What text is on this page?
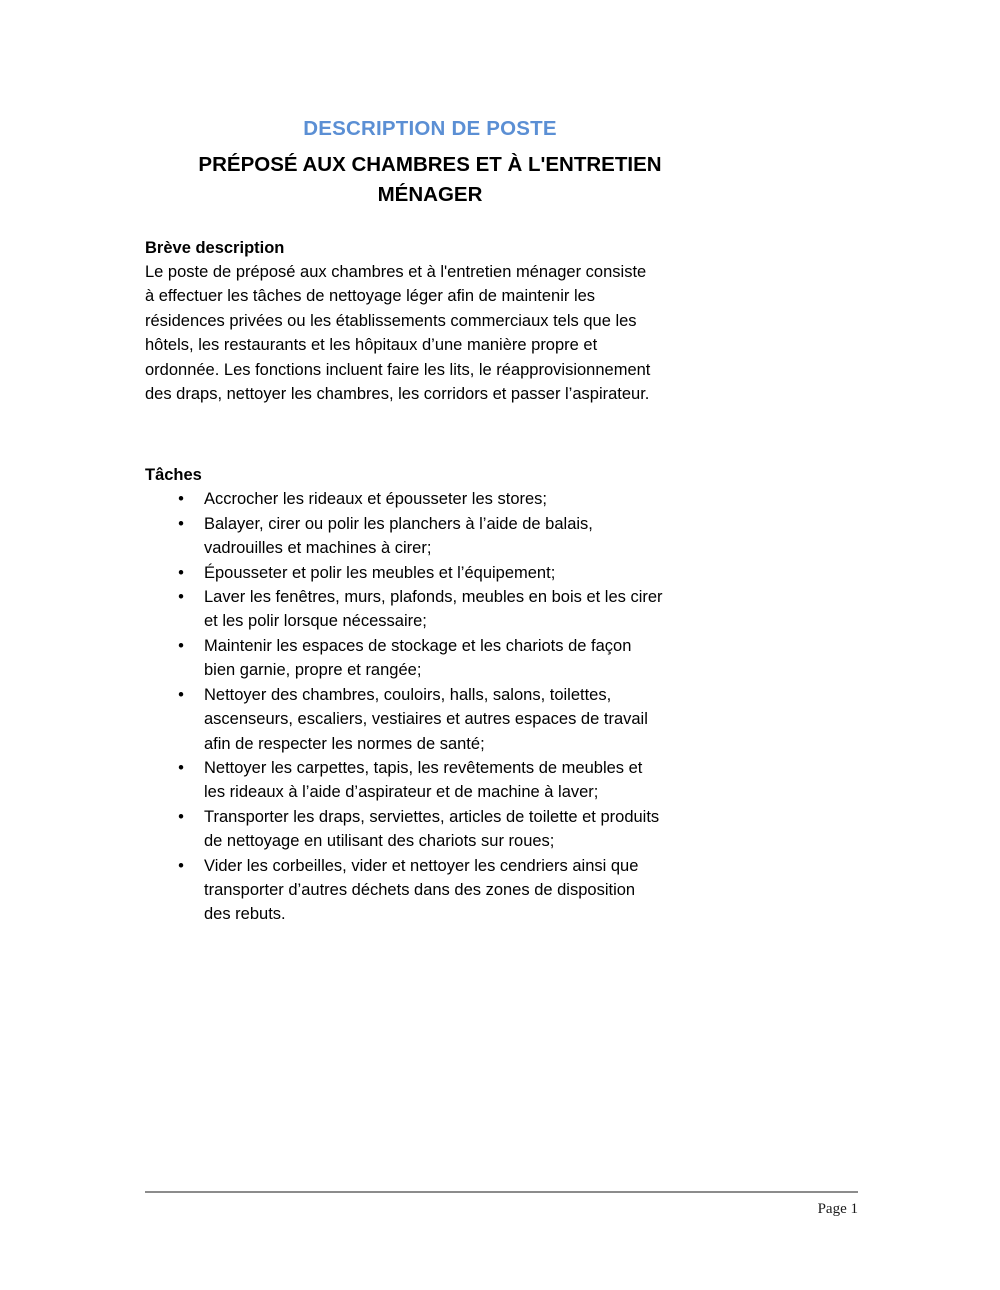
DESCRIPTION DE POSTE
PRÉPOSÉ AUX CHAMBRES ET À L'ENTRETIEN
MÉNAGER
Brève description
Le poste de préposé aux chambres et à l'entretien ménager consiste
à effectuer les tâches de nettoyage léger afin de maintenir les
résidences privées ou les établissements commerciaux tels que les
hôtels, les restaurants et les hôpitaux d’une manière propre et
ordonnée. Les fonctions incluent faire les lits, le réapprovisionnement
des draps, nettoyer les chambres, les corridors et passer l’aspirateur.
Tâches
• Accrocher les rideaux et épousseter les stores;
• Balayer, cirer ou polir les planchers à l’aide de balais,
vadrouilles et machines à cirer;
• Épousseter et polir les meubles et l’équipement;
• Laver les fenêtres, murs, plafonds, meubles en bois et les cirer
et les polir lorsque nécessaire;
• Maintenir les espaces de stockage et les chariots de façon
bien garnie, propre et rangée;
• Nettoyer des chambres, couloirs, halls, salons, toilettes,
ascenseurs, escaliers, vestiaires et autres espaces de travail
afin de respecter les normes de santé;
• Nettoyer les carpettes, tapis, les revêtements de meubles et
les rideaux à l’aide d’aspirateur et de machine à laver;
• Transporter les draps, serviettes, articles de toilette et produits
de nettoyage en utilisant des chariots sur roues;
• Vider les corbeilles, vider et nettoyer les cendriers ainsi que
transporter d’autres déchets dans des zones de disposition
des rebuts.
Page 1
